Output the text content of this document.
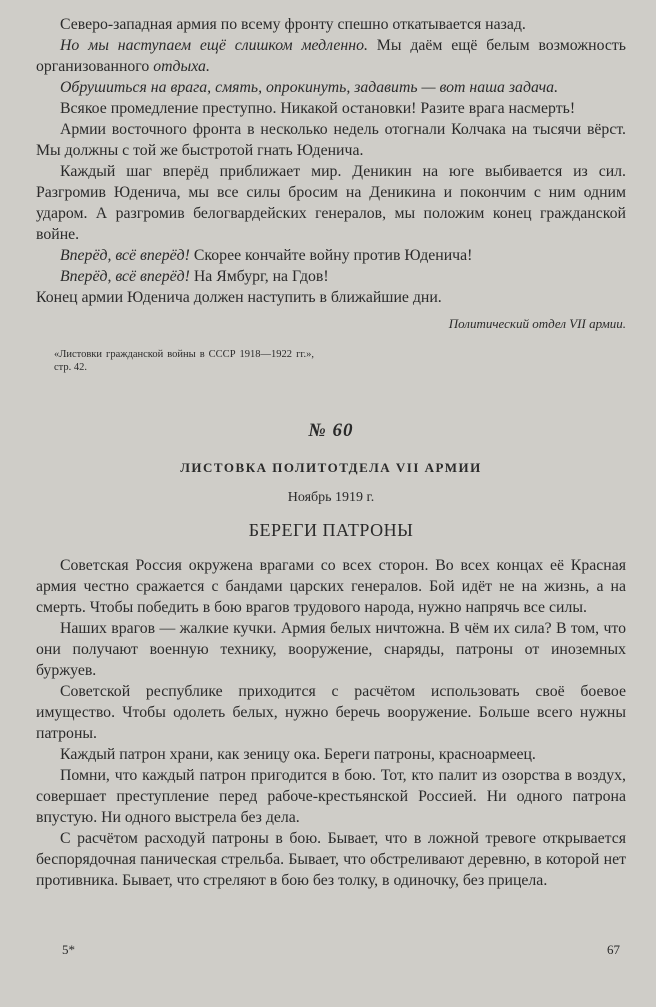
Северо-западная армия по всему фронту спешно откатывается назад.

Но мы наступаем ещё слишком медленно. Мы даём ещё белым возможность организованного отдыха.

Обрушиться на врага, смять, опрокинуть, задавить — вот наша задача.

Всякое промедление преступно. Никакой остановки! Разите врага насмерть!

Армии восточного фронта в несколько недель отогнали Колчака на тысячи вёрст. Мы должны с той же быстротой гнать Юденича.

Каждый шаг вперёд приближает мир. Деникин на юге выбивается из сил. Разгромив Юденича, мы все силы бросим на Деникина и покончим с ним одним ударом. А разгромив белогвардейских генералов, мы положим конец гражданской войне.

Вперёд, всё вперёд! Скорее кончайте войну против Юденича!

Вперёд, всё вперёд! На Ямбург, на Гдов!

Конец армии Юденича должен наступить в ближайшие дни.

Политический отдел VII армии.

«Листовки гражданской войны в СССР 1918—1922 гг.», стр. 42.

№ 60
ЛИСТОВКА ПОЛИТОТДЕЛА VII АРМИИ
Ноябрь 1919 г.
БЕРЕГИ ПАТРОНЫ

Советская Россия окружена врагами со всех сторон. Во всех концах её Красная армия честно сражается с бандами царских генералов. Бой идёт не на жизнь, а на смерть. Чтобы победить в бою врагов трудового народа, нужно напрячь все силы.

Наших врагов — жалкие кучки. Армия белых ничтожна. В чём их сила? В том, что они получают военную технику, вооружение, снаряды, патроны от иноземных буржуев.

Советской республике приходится с расчётом использовать своё боевое имущество. Чтобы одолеть белых, нужно беречь вооружение. Больше всего нужны патроны.

Каждый патрон храни, как зеницу ока. Береги патроны, красноармеец.

Помни, что каждый патрон пригодится в бою. Тот, кто палит из озорства в воздух, совершает преступление перед рабоче-крестьянской Россией. Ни одного патрона впустую. Ни одного выстрела без дела.

С расчётом расходуй патроны в бою. Бывает, что в ложной тревоге открывается беспорядочная паническая стрельба. Бывает, что обстреливают деревню, в которой нет противника. Бывает, что стреляют в бою без толку, в одиночку, без прицела.

5*	67
